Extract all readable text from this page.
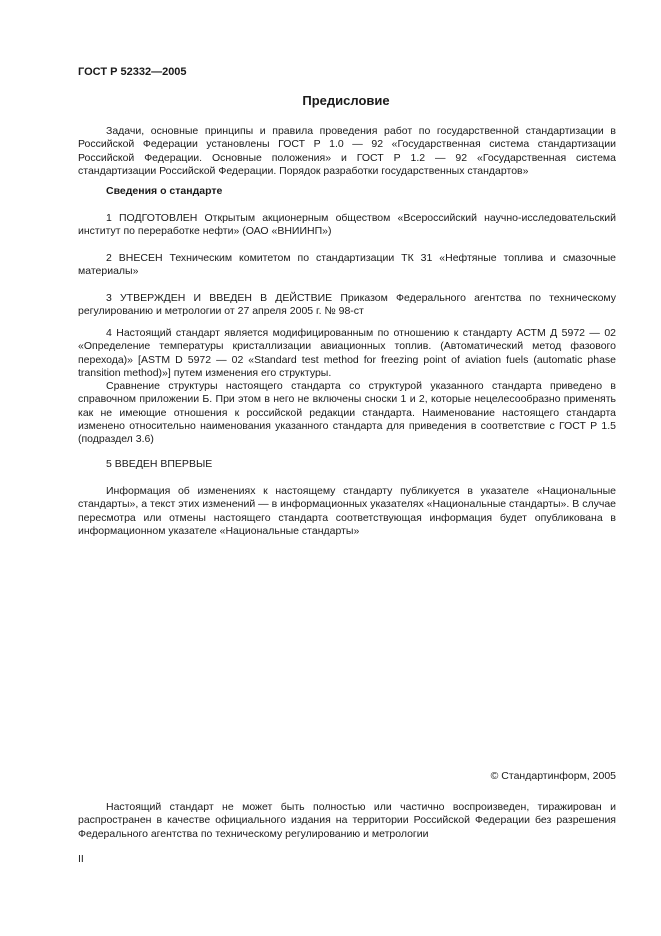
ГОСТ Р 52332—2005
Предисловие
Задачи, основные принципы и правила проведения работ по государственной стандартизации в Российской Федерации установлены ГОСТ Р 1.0 — 92 «Государственная система стандартизации Российской Федерации. Основные положения» и ГОСТ Р 1.2 — 92 «Государственная система стандартизации Российской Федерации. Порядок разработки государственных стандартов»
Сведения о стандарте
1 ПОДГОТОВЛЕН Открытым акционерным обществом «Всероссийский научно-исследовательский институт по переработке нефти» (ОАО «ВНИИНП»)
2 ВНЕСЕН Техническим комитетом по стандартизации ТК 31 «Нефтяные топлива и смазочные материалы»
3 УТВЕРЖДЕН И ВВЕДЕН В ДЕЙСТВИЕ Приказом Федерального агентства по техническому регулированию и метрологии от 27 апреля 2005 г. № 98-ст

4 Настоящий стандарт является модифицированным по отношению к стандарту АСТМ Д 5972 — 02 «Определение температуры кристаллизации авиационных топлив. (Автоматический метод фазового перехода)» [ASTM D 5972 — 02 «Standard test method for freezing point of aviation fuels (automatic phase transition method)»] путем изменения его структуры.

Сравнение структуры настоящего стандарта со структурой указанного стандарта приведено в справочном приложении Б. При этом в него не включены сноски 1 и 2, которые нецелесообразно применять как не имеющие отношения к российской редакции стандарта. Наименование настоящего стандарта изменено относительно наименования указанного стандарта для приведения в соответствие с ГОСТ Р 1.5 (подраздел 3.6)

5 ВВЕДЕН ВПЕРВЫЕ
Информация об изменениях к настоящему стандарту публикуется в указателе «Национальные стандарты», а текст этих изменений — в информационных указателях «Национальные стандарты». В случае пересмотра или отмены настоящего стандарта соответствующая информация будет опубликована в информационном указателе «Национальные стандарты»
© Стандартинформ, 2005
Настоящий стандарт не может быть полностью или частично воспроизведен, тиражирован и распространен в качестве официального издания на территории Российской Федерации без разрешения Федерального агентства по техническому регулированию и метрологии
II
